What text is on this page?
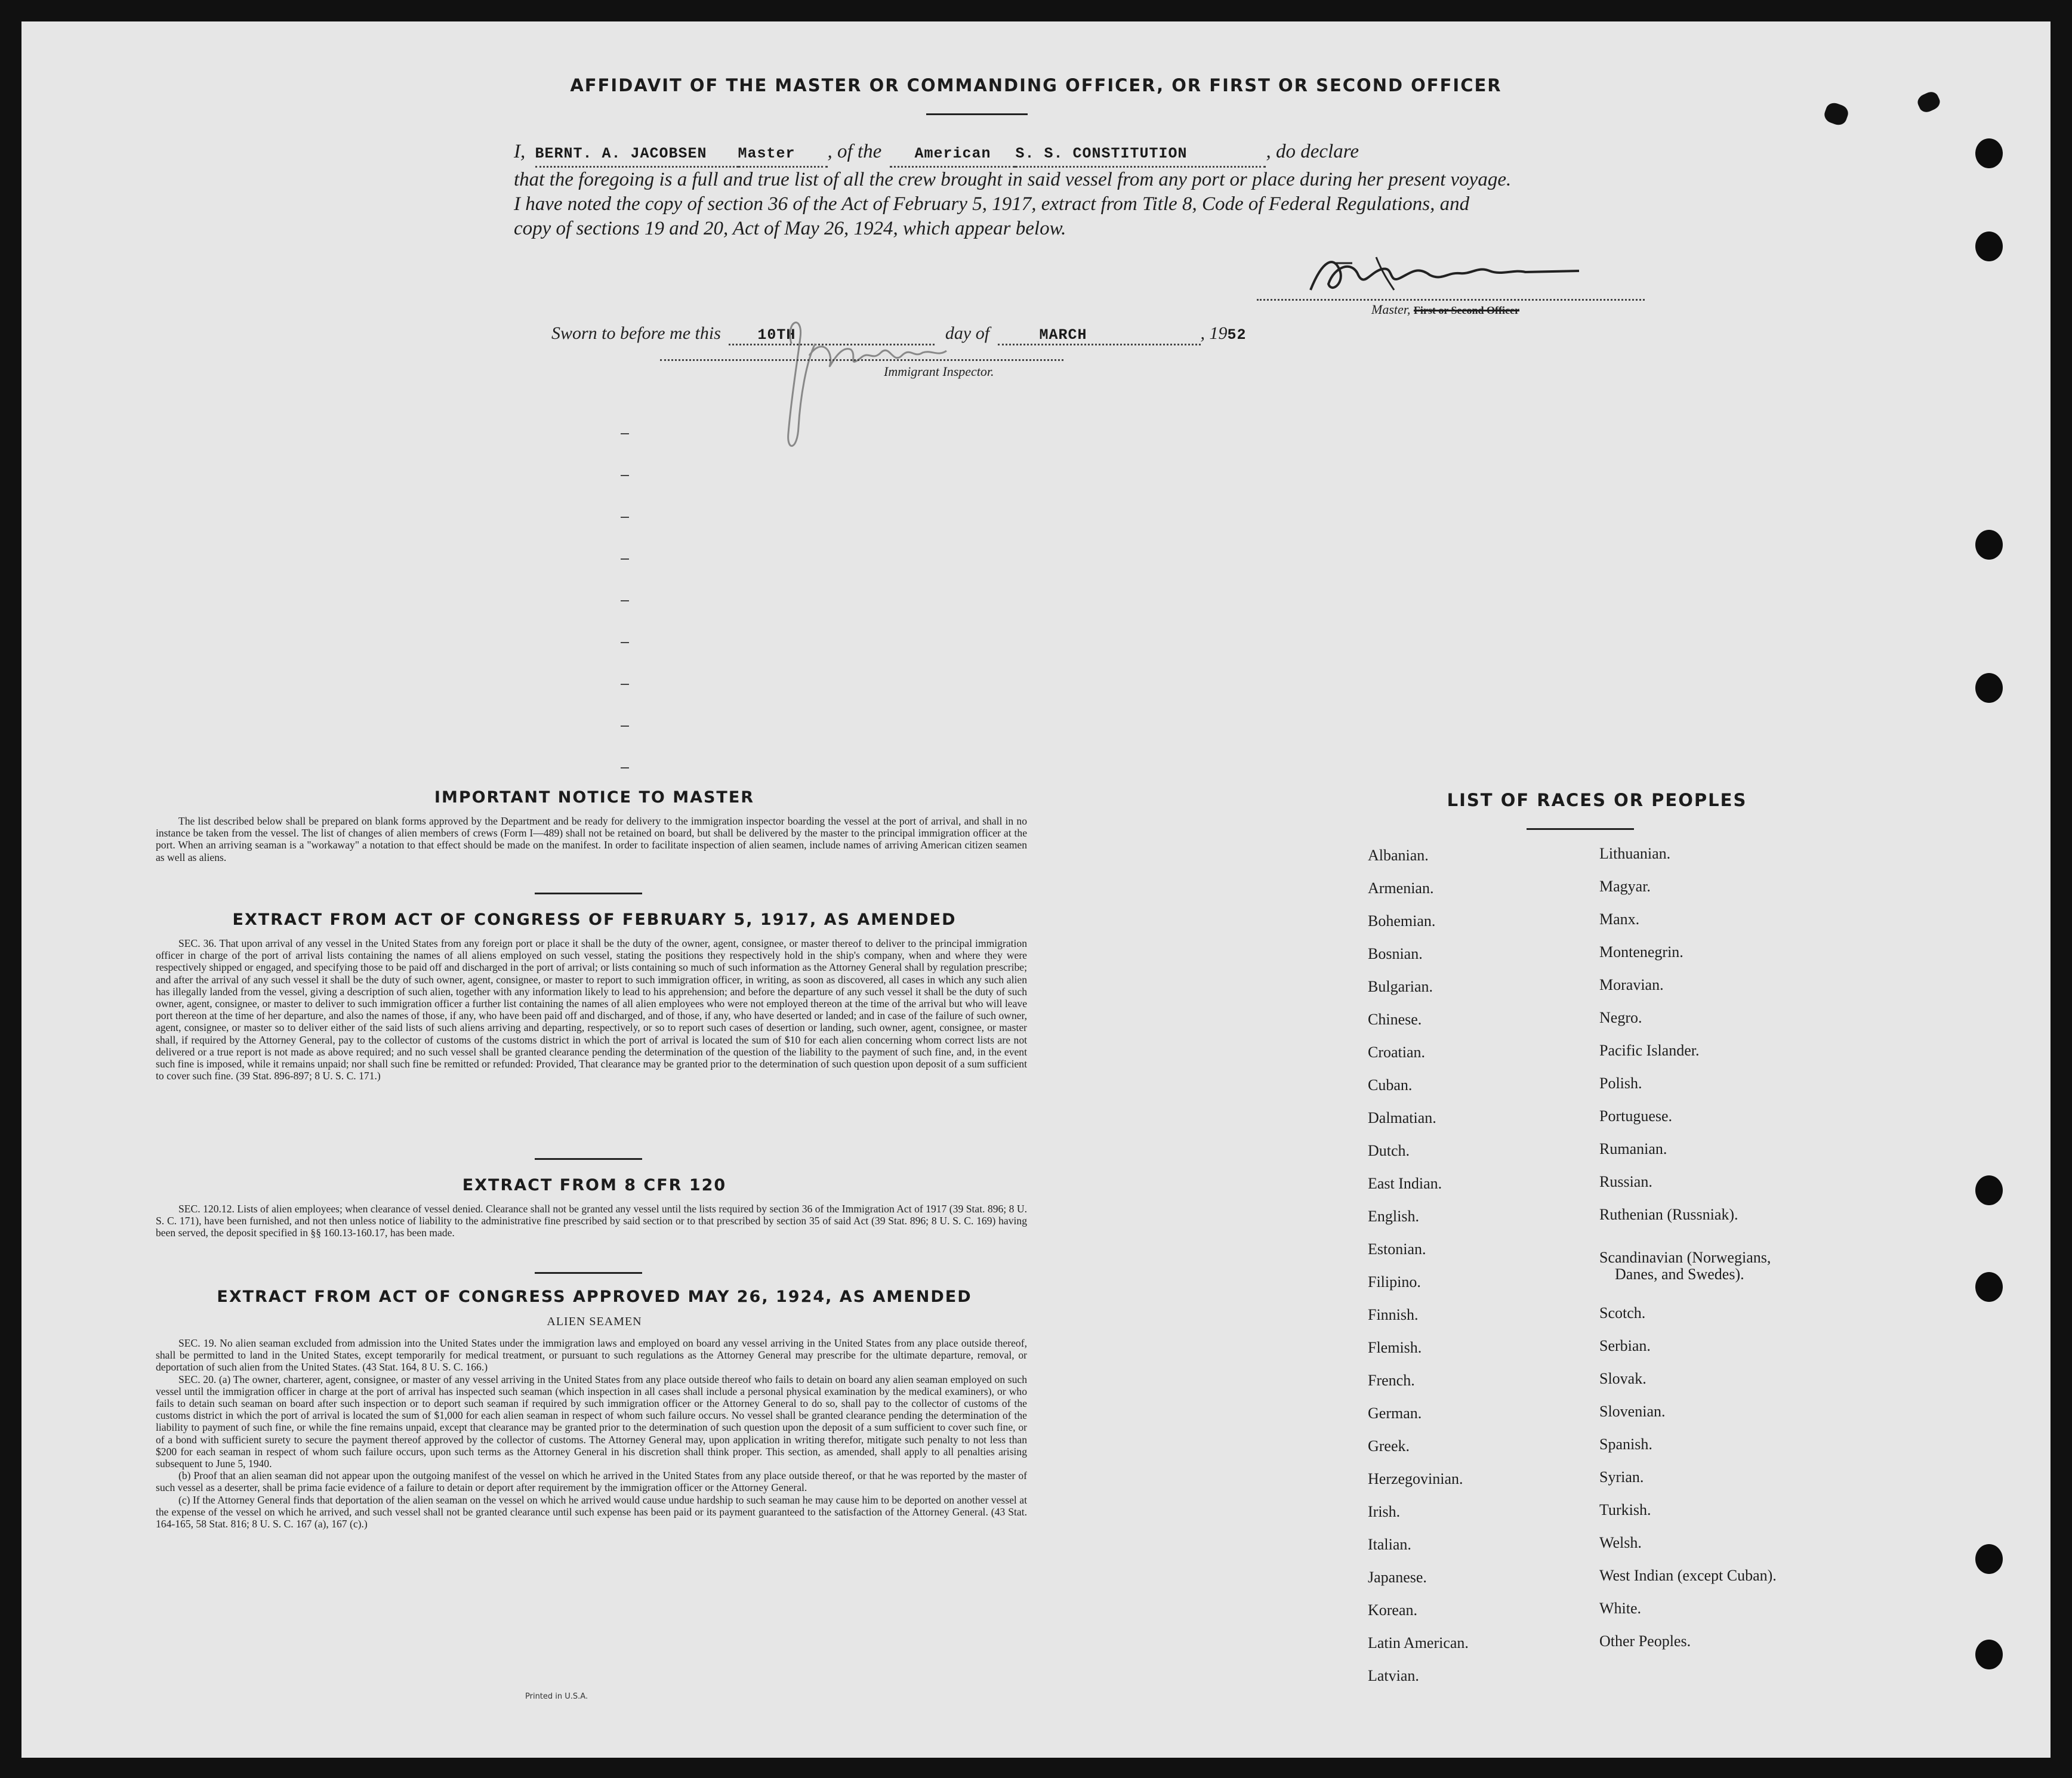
AFFIDAVIT OF THE MASTER OR COMMANDING OFFICER, OR FIRST OR SECOND OFFICER
I, BERNT. A. JACOBSEN Master , of the American S. S. CONSTITUTION	, do declare
that the foregoing is a full and true list of all the crew brought in said vessel from any port or place during her present voyage.
I have noted the copy of section 36 of the Act of February 5, 1917, extract from Title 8, Code of Federal Regulations, and
copy of sections 19 and 20, Act of May 26, 1924, which appear below.
Master, First or Second Officer
Sworn to before me this 10TH	day of	MARCH	, 1952
Immigrant Inspector.
IMPORTANT NOTICE TO MASTER

The list described below shall be prepared on blank forms approved by the Department and be ready for delivery to the immigration inspector boarding the vessel at the port of arrival, and shall in no instance be taken from the vessel. The list of changes of alien members of crews (Form I—489) shall not be retained on board, but shall be delivered by the master to the principal immigration officer at the port. When an arriving seaman is a "workaway" a notation to that effect should be made on the manifest. In order to facilitate inspection of alien seamen, include names of arriving American citizen seamen as well as aliens.

EXTRACT FROM ACT OF CONGRESS OF FEBRUARY 5, 1917, AS AMENDED

SEC. 36. That upon arrival of any vessel in the United States from any foreign port or place it shall be the duty of the owner, agent, consignee, or master thereof to deliver to the principal immigration officer in charge of the port of arrival lists containing the names of all aliens employed on such vessel, stating the positions they respectively hold in the ship's company, when and where they were respectively shipped or engaged, and specifying those to be paid off and discharged in the port of arrival; or lists containing so much of such information as the Attorney General shall by regulation prescribe; and after the arrival of any such vessel it shall be the duty of such owner, agent, consignee, or master to report to such immigration officer, in writing, as soon as discovered, all cases in which any such alien has illegally landed from the vessel, giving a description of such alien, together with any information likely to lead to his apprehension; and before the departure of any such vessel it shall be the duty of such owner, agent, consignee, or master to deliver to such immigration officer a further list containing the names of all alien employees who were not employed thereon at the time of the arrival but who will leave port thereon at the time of her departure, and also the names of those, if any, who have been paid off and discharged, and of those, if any, who have deserted or landed; and in case of the failure of such owner, agent, consignee, or master so to deliver either of the said lists of such aliens arriving and departing, respectively, or so to report such cases of desertion or landing, such owner, agent, consignee, or master shall, if required by the Attorney General, pay to the collector of customs of the customs district in which the port of arrival is located the sum of $10 for each alien concerning whom correct lists are not delivered or a true report is not made as above required; and no such vessel shall be granted clearance pending the determination of the question of the liability to the payment of such fine, and, in the event such fine is imposed, while it remains unpaid; nor shall such fine be remitted or refunded: Provided, That clearance may be granted prior to the determination of such question upon deposit of a sum sufficient to cover such fine. (39 Stat. 896-897; 8 U. S. C. 171.)

EXTRACT FROM 8 CFR 120

SEC. 120.12. Lists of alien employees; when clearance of vessel denied. Clearance shall not be granted any vessel until the lists required by section 36 of the Immigration Act of 1917 (39 Stat. 896; 8 U. S. C. 171), have been furnished, and not then unless notice of liability to the administrative fine prescribed by said section or to that prescribed by section 35 of said Act (39 Stat. 896; 8 U. S. C. 169) having been served, the deposit specified in §§ 160.13-160.17, has been made.

EXTRACT FROM ACT OF CONGRESS APPROVED MAY 26, 1924, AS AMENDED
ALIEN SEAMEN

SEC. 19. No alien seaman excluded from admission into the United States under the immigration laws and employed on board any vessel arriving in the United States from any place outside thereof, shall be permitted to land in the United States, except temporarily for medical treatment, or pursuant to such regulations as the Attorney General may prescribe for the ultimate departure, removal, or deportation of such alien from the United States. (43 Stat. 164, 8 U. S. C. 166.)

SEC. 20. (a) The owner, charterer, agent, consignee, or master of any vessel arriving in the United States from any place outside thereof who fails to detain on board any alien seaman employed on such vessel until the immigration officer in charge at the port of arrival has inspected such seaman (which inspection in all cases shall include a personal physical examination by the medical examiners), or who fails to detain such seaman on board after such inspection or to deport such seaman if required by such immigration officer or the Attorney General to do so, shall pay to the collector of customs of the customs district in which the port of arrival is located the sum of $1,000 for each alien seaman in respect of whom such failure occurs. No vessel shall be granted clearance pending the determination of the liability to payment of such fine, or while the fine remains unpaid, except that clearance may be granted prior to the determination of such question upon the deposit of a sum sufficient to cover such fine, or of a bond with sufficient surety to secure the payment thereof approved by the collector of customs. The Attorney General may, upon application in writing therefor, mitigate such penalty to not less than $200 for each seaman in respect of whom such failure occurs, upon such terms as the Attorney General in his discretion shall think proper. This section, as amended, shall apply to all penalties arising subsequent to June 5, 1940.

(b) Proof that an alien seaman did not appear upon the outgoing manifest of the vessel on which he arrived in the United States from any place outside thereof, or that he was reported by the master of such vessel as a deserter, shall be prima facie evidence of a failure to detain or deport after requirement by the immigration officer or the Attorney General.

(c) If the Attorney General finds that deportation of the alien seaman on the vessel on which he arrived would cause undue hardship to such seaman he may cause him to be deported on another vessel at the expense of the vessel on which he arrived, and such vessel shall not be granted clearance until such expense has been paid or its payment guaranteed to the satisfaction of the Attorney General. (43 Stat. 164-165, 58 Stat. 816; 8 U. S. C. 167 (a), 167 (c).)

Printed in U.S.A.
LIST OF RACES OR PEOPLES
Albanian.
Armenian.
Bohemian.
Bosnian.
Bulgarian.
Chinese.
Croatian.
Cuban.
Dalmatian.
Dutch.
East Indian.
English.
Estonian.
Filipino.
Finnish.
Flemish.
French.
German.
Greek.
Herzegovinian.
Irish.
Italian.
Japanese.
Korean.
Latin American.
Latvian.
Lithuanian.
Magyar.
Manx.
Montenegrin.
Moravian.
Negro.
Pacific Islander.
Polish.
Portuguese.
Rumanian.
Russian.
Ruthenian (Russniak).
Scandinavian (Norwegians,
Danes, and Swedes).
Scotch.
Serbian.
Slovak.
Slovenian.
Spanish.
Syrian.
Turkish.
Welsh.
West Indian (except Cuban).
White.
Other Peoples.
